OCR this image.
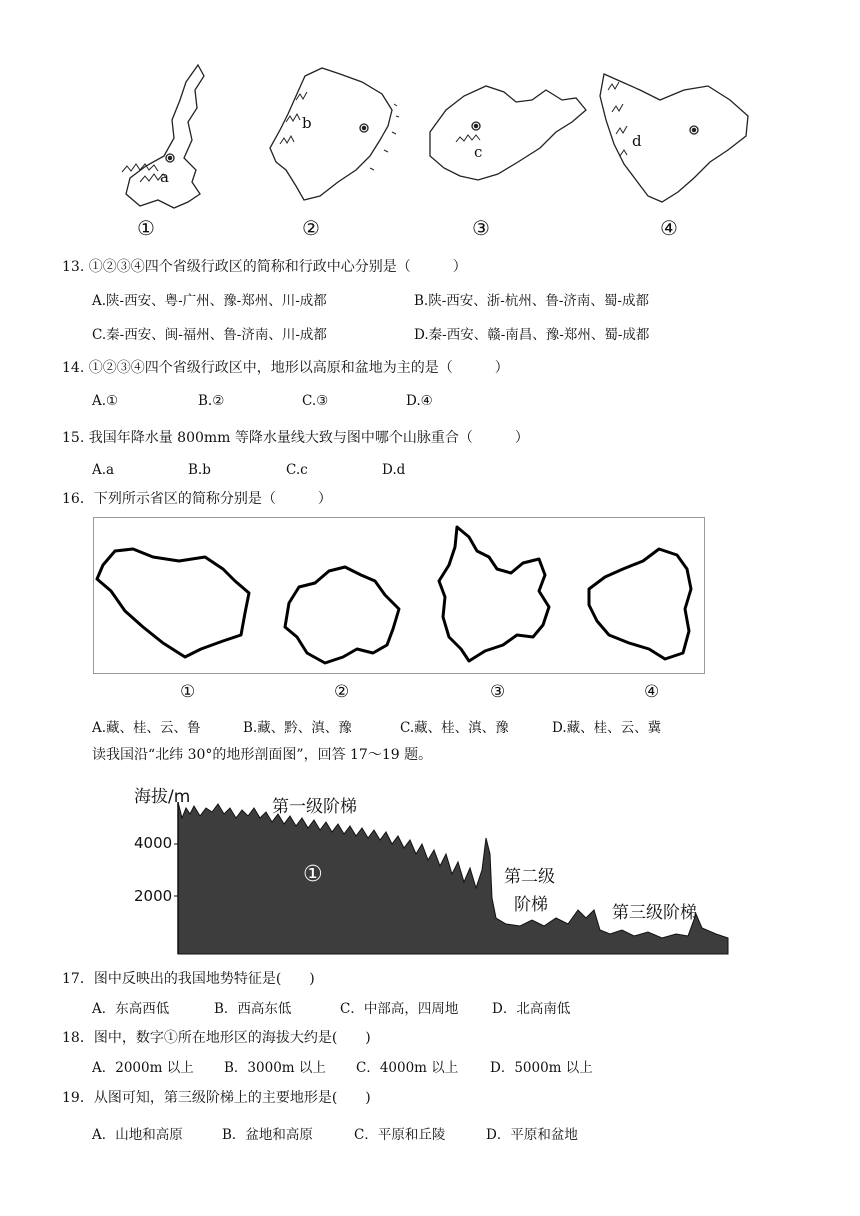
a
b
c
d
①	②	③	④
13. ①②③④四个省级行政区的简称和行政中心分别是（　　　）
A.陕-西安、粤-广州、豫-郑州、川-成都	B.陕-西安、浙-杭州、鲁-济南、蜀-成都
C.秦-西安、闽-福州、鲁-济南、川-成都	D.秦-西安、赣-南昌、豫-郑州、蜀-成都
14. ①②③④四个省级行政区中，地形以高原和盆地为主的是（　　　）
A.①	B.②	C.③	D.④
15. 我国年降水量 800mm 等降水量线大致与图中哪个山脉重合（　　　）
A.a	B.b	C.c	D.d
16．下列所示省区的简称分别是（　　　）
①	②	③	④
A.藏、桂、云、鲁	B.藏、黔、滇、豫	C.藏、桂、滇、豫	D.藏、桂、云、冀
读我国沿“北纬 30°的地形剖面图”，回答 17～19 题。
海拔/m
4000
2000
第一级阶梯
第二级
阶梯	第三级阶梯
①
17．图中反映出的我国地势特征是(　　)
A．东高西低	B．西高东低	C．中部高，四周地 D．北高南低
18．图中，数字①所在地形区的海拔大约是(　　)
A．2000m 以上 B．3000m 以上 C．4000m 以上 D．5000m 以上
19．从图可知，第三级阶梯上的主要地形是(　　)
A．山地和高原	B．盆地和高原	C．平原和丘陵	D．平原和盆地
